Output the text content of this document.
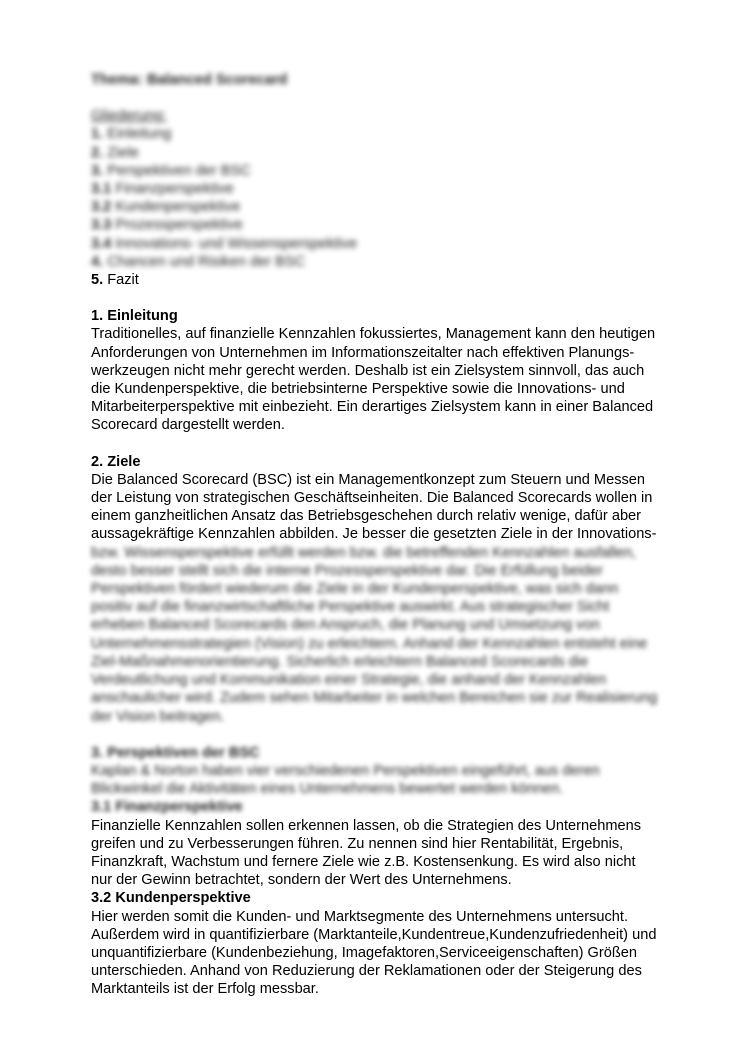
Thema: Balanced Scorecard
Gliederung:
1. Einleitung
2. Ziele
3. Perspektiven der BSC
3.1 Finanzperspektive
3.2 Kundenperspektive
3.3 Prozessperspektive
3.4 Innovations- und Wissensperspektive
4. Chancen und Risiken der BSC
5. Fazit
1. Einleitung
Traditionelles, auf finanzielle Kennzahlen fokussiertes, Management kann den heutigen
Anforderungen von Unternehmen im Informationszeitalter nach effektiven Planungs-
werkzeugen nicht mehr gerecht werden. Deshalb ist ein Zielsystem sinnvoll, das auch
die Kundenperspektive, die betriebsinterne Perspektive sowie die Innovations- und
Mitarbeiterperspektive mit einbezieht. Ein derartiges Zielsystem kann in einer Balanced
Scorecard dargestellt werden.
2. Ziele
Die Balanced Scorecard (BSC) ist ein Managementkonzept zum Steuern und Messen
der Leistung von strategischen Geschäftseinheiten. Die Balanced Scorecards wollen in
einem ganzheitlichen Ansatz das Betriebsgeschehen durch relativ wenige, dafür aber
aussagekräftige Kennzahlen abbilden. Je besser die gesetzten Ziele in der Innovations-
bzw. Wissensperspektive erfüllt werden bzw. die betreffenden Kennzahlen ausfallen,
desto besser stellt sich die interne Prozessperspektive dar. Die Erfüllung beider
Perspektiven fördert wiederum die Ziele in der Kundenperspektive, was sich dann
positiv auf die finanzwirtschaftliche Perspektive auswirkt. Aus strategischer Sicht
erheben Balanced Scorecards den Anspruch, die Planung und Umsetzung von
Unternehmensstrategien (Vision) zu erleichtern. Anhand der Kennzahlen entsteht eine
Ziel-Maßnahmenorientierung. Sicherlich erleichtern Balanced Scorecards die
Verdeutlichung und Kommunikation einer Strategie, die anhand der Kennzahlen
anschaulicher wird. Zudem sehen Mitarbeiter in welchen Bereichen sie zur Realisierung
der Vision beitragen.
3. Perspektiven der BSC
Kaplan & Norton haben vier verschiedenen Perspektiven eingeführt, aus deren
Blickwinkel die Aktivitäten eines Unternehmens bewertet werden können.
3.1 Finanzperspektive
Finanzielle Kennzahlen sollen erkennen lassen, ob die Strategien des Unternehmens
greifen und zu Verbesserungen führen. Zu nennen sind hier Rentabilität, Ergebnis,
Finanzkraft, Wachstum und fernere Ziele wie z.B. Kostensenkung. Es wird also nicht
nur der Gewinn betrachtet, sondern der Wert des Unternehmens.
3.2 Kundenperspektive
Hier werden somit die Kunden- und Marktsegmente des Unternehmens untersucht.
Außerdem wird in quantifizierbare (Marktanteile,Kundentreue,Kundenzufriedenheit) und
unquantifizierbare (Kundenbeziehung, Imagefaktoren,Serviceeigenschaften) Größen
unterschieden. Anhand von Reduzierung der Reklamationen oder der Steigerung des
Marktanteils ist der Erfolg messbar.
